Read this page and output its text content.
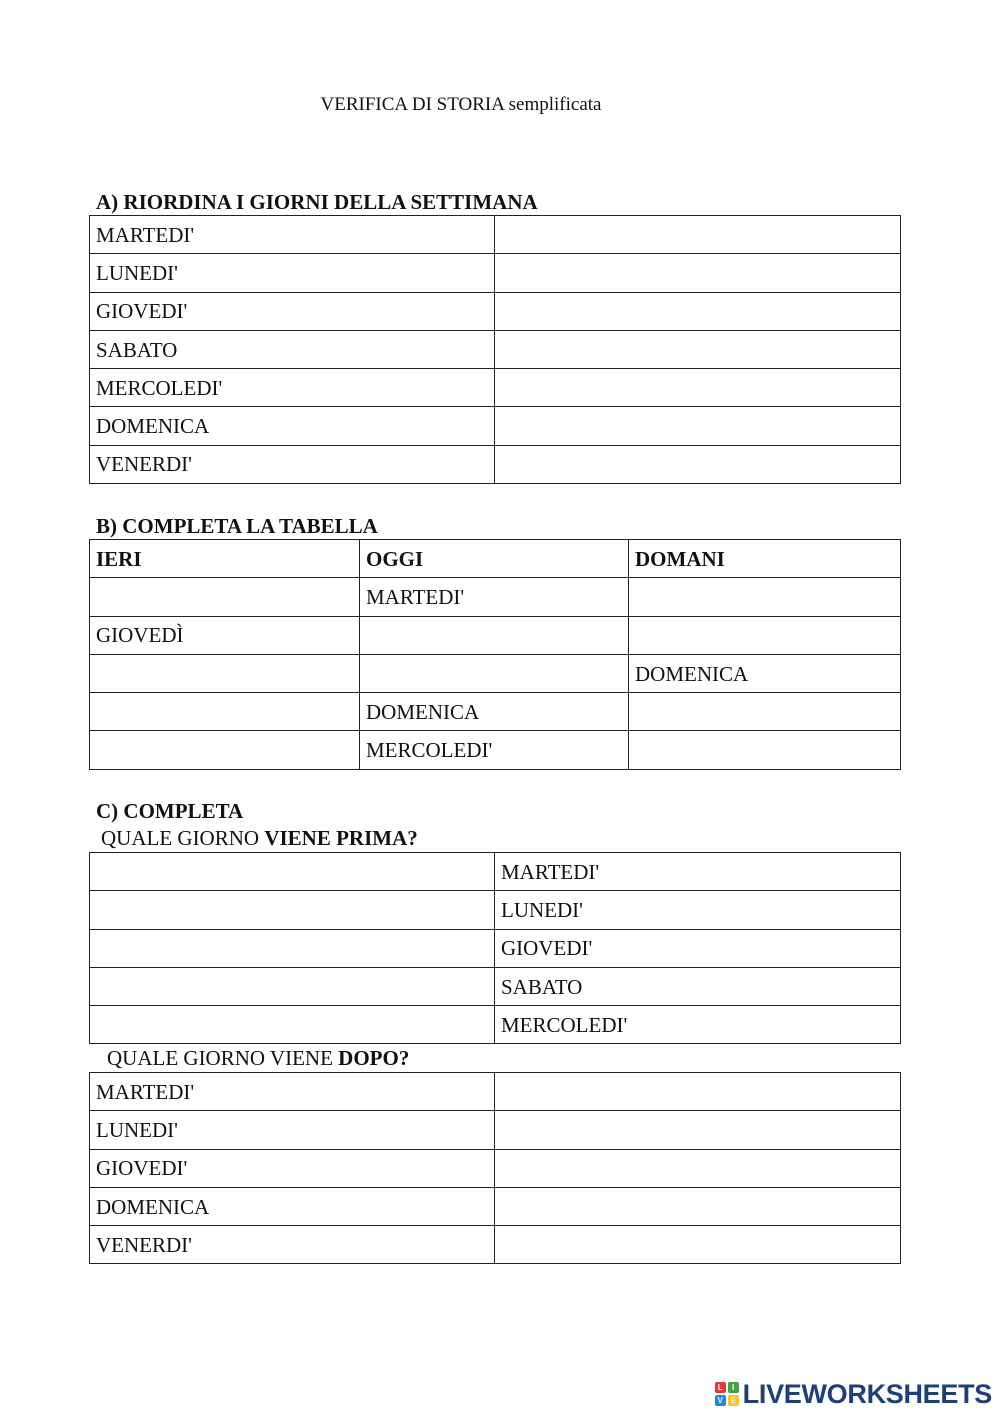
VERIFICA DI STORIA semplificata
A) RIORDINA I GIORNI DELLA SETTIMANA
MARTEDI'	
LUNEDI'	
GIOVEDI'	
SABATO	
MERCOLEDI'	
DOMENICA	
VENERDI'	
B) COMPLETA LA TABELLA
IERI	OGGI	DOMANI
	MARTEDI'	
GIOVEDÌ		
		DOMENICA
	DOMENICA	
	MERCOLEDI'	
C) COMPLETA
QUALE GIORNO VIENE PRIMA?
	MARTEDI'
	LUNEDI'
	GIOVEDI'
	SABATO
	MERCOLEDI'
QUALE GIORNO VIENE DOPO?
MARTEDI'	
LUNEDI'	
GIOVEDI'	
DOMENICA	
VENERDI'	
L	I
V E LIVEWORKSHEETS
